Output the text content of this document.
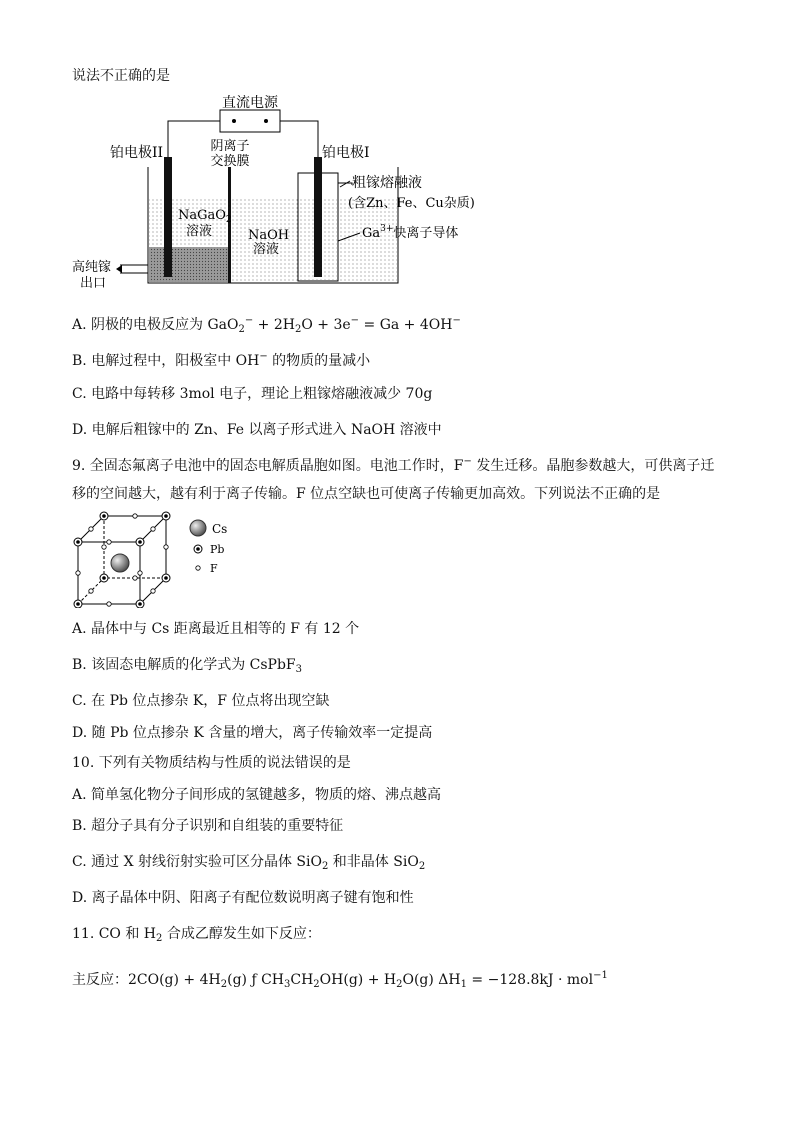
说法不正确的是
直流电源
铂电极II	阴离子
交换膜
铂电极I
NaGaO$_2$
溶液	NaOH
溶液
粗镓熔融液
(含Zn、Fe、Cu杂质)
$Ga^{3+}$快离子导体
高纯镓
出口
A. 阴极的电极反应为 $GaO_2^- + 2H_2O + 3e^- = Ga + 4OH^-$
B. 电解过程中，阳极室中 OH− 的物质的量减小
C. 电路中每转移 3mol 电子，理论上粗镓熔融液减少 70g
D. 电解后粗镓中的 Zn、Fe 以离子形式进入 NaOH 溶液中
9. 全固态氟离子电池中的固态电解质晶胞如图。电池工作时，F− 发生迁移。晶胞参数越大，可供离子迁
移的空间越大，越有利于离子传输。F 位点空缺也可使离子传输更加高效。下列说法不正确的是
Cs
Pb
F
A. 晶体中与 Cs 距离最近且相等的 F 有 12 个
B. 该固态电解质的化学式为 CsPbF$_3$
C. 在 Pb 位点掺杂 K，F 位点将出现空缺
D. 随 Pb 位点掺杂 K 含量的增大，离子传输效率一定提高
10. 下列有关物质结构与性质的说法错误的是
A. 简单氢化物分子间形成的氢键越多，物质的熔、沸点越高
B. 超分子具有分子识别和自组装的重要特征
C. 通过 X 射线衍射实验可区分晶体 SiO$_2$ 和非晶体 SiO$_2$
D. 离子晶体中阴、阳离子有配位数说明离子键有饱和性
11. CO 和 $H_2$ 合成乙醇发生如下反应：
主反应：$2CO(g) + 4H_2(g)$ ƒ $CH_3CH_2OH(g) + H_2O(g) \Delta H_1 = -128.8kJ \cdot mol^{-1}$
